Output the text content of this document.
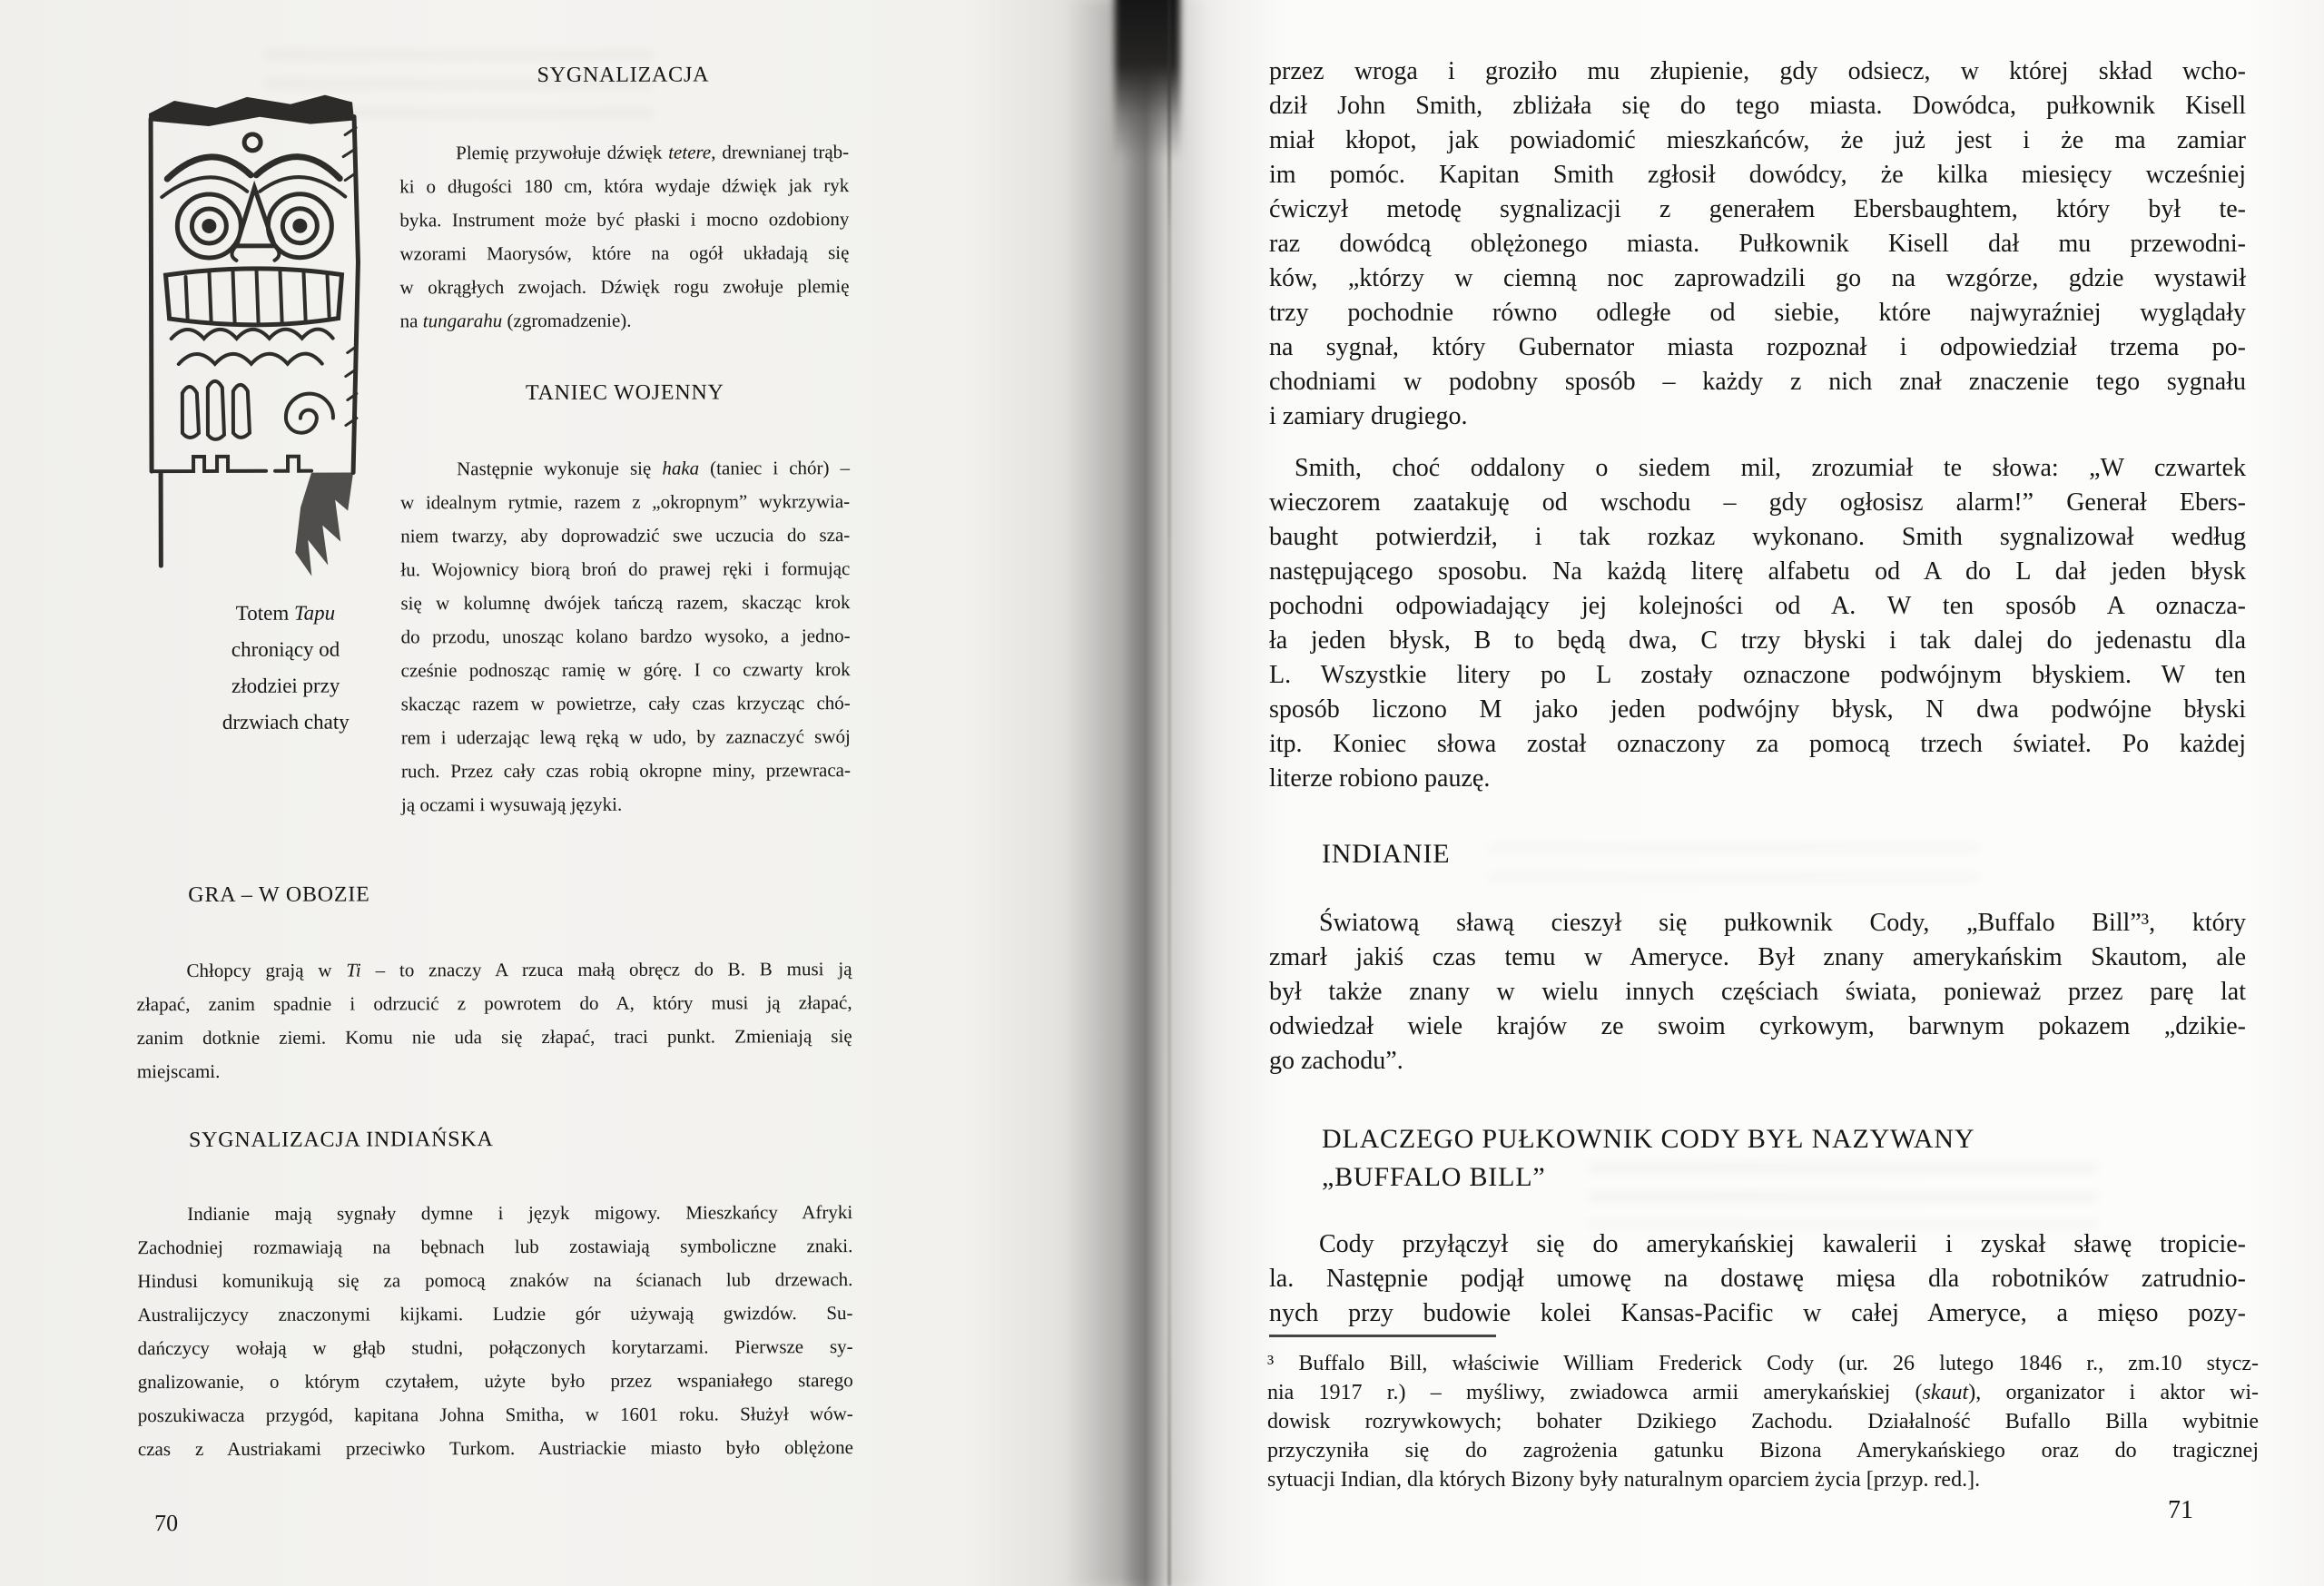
SYGNALIZACJA
Totem Tapu
chroniący od
złodziei przy
drzwiach chaty
Plemię przywołuje dźwięk tetere, drewnianej trąb-
ki o długości 180 cm, która wydaje dźwięk jak ryk
byka. Instrument może być płaski i mocno ozdobiony
wzorami Maorysów, które na ogół układają się
w okrągłych zwojach. Dźwięk rogu zwołuje plemię
na tungarahu (zgromadzenie).
TANIEC WOJENNY
Następnie wykonuje się haka (taniec i chór) –
w idealnym rytmie, razem z „okropnym” wykrzywia-
niem twarzy, aby doprowadzić swe uczucia do sza-
łu. Wojownicy biorą broń do prawej ręki i formując
się w kolumnę dwójek tańczą razem, skacząc krok
do przodu, unosząc kolano bardzo wysoko, a jedno-
cześnie podnosząc ramię w górę. I co czwarty krok
skacząc razem w powietrze, cały czas krzycząc chó-
rem i uderzając lewą ręką w udo, by zaznaczyć swój
ruch. Przez cały czas robią okropne miny, przewraca-
ją oczami i wysuwają języki.
GRA – W OBOZIE
Chłopcy grają w Ti – to znaczy A rzuca małą obręcz do B. B musi ją
złapać, zanim spadnie i odrzucić z powrotem do A, który musi ją złapać,
zanim dotknie ziemi. Komu nie uda się złapać, traci punkt. Zmieniają się
miejscami.
SYGNALIZACJA INDIAŃSKA
Indianie mają sygnały dymne i język migowy. Mieszkańcy Afryki
Zachodniej rozmawiają na bębnach lub zostawiają symboliczne znaki.
Hindusi komunikują się za pomocą znaków na ścianach lub drzewach.
Australijczycy znaczonymi kijkami. Ludzie gór używają gwizdów. Su-
dańczycy wołają w głąb studni, połączonych korytarzami. Pierwsze sy-
gnalizowanie, o którym czytałem, użyte było przez wspaniałego starego
poszukiwacza przygód, kapitana Johna Smitha, w 1601 roku. Służył wów-
czas z Austriakami przeciwko Turkom. Austriackie miasto było oblężone
70
przez wroga i groziło mu złupienie, gdy odsiecz, w której skład wcho-
dził John Smith, zbliżała się do tego miasta. Dowódca, pułkownik Kisell
miał kłopot, jak powiadomić mieszkańców, że już jest i że ma zamiar
im pomóc. Kapitan Smith zgłosił dowódcy, że kilka miesięcy wcześniej
ćwiczył metodę sygnalizacji z generałem Ebersbaughtem, który był te-
raz dowódcą oblężonego miasta. Pułkownik Kisell dał mu przewodni-
ków, „którzy w ciemną noc zaprowadzili go na wzgórze, gdzie wystawił
trzy pochodnie równo odległe od siebie, które najwyraźniej wyglądały
na sygnał, który Gubernator miasta rozpoznał i odpowiedział trzema po-
chodniami w podobny sposób – każdy z nich znał znaczenie tego sygnału
i zamiary drugiego.
Smith, choć oddalony o siedem mil, zrozumiał te słowa: „W czwartek
wieczorem zaatakuję od wschodu – gdy ogłosisz alarm!” Generał Ebers-
baught potwierdził, i tak rozkaz wykonano. Smith sygnalizował według
następującego sposobu. Na każdą literę alfabetu od A do L dał jeden błysk
pochodni odpowiadający jej kolejności od A. W ten sposób A oznacza-
ła jeden błysk, B to będą dwa, C trzy błyski i tak dalej do jedenastu dla
L. Wszystkie litery po L zostały oznaczone podwójnym błyskiem. W ten
sposób liczono M jako jeden podwójny błysk, N dwa podwójne błyski
itp. Koniec słowa został oznaczony za pomocą trzech świateł. Po każdej
literze robiono pauzę.
INDIANIE
Światową sławą cieszył się pułkownik Cody, „Buffalo Bill”³, który
zmarł jakiś czas temu w Ameryce. Był znany amerykańskim Skautom, ale
był także znany w wielu innych częściach świata, ponieważ przez parę lat
odwiedzał wiele krajów ze swoim cyrkowym, barwnym pokazem „dzikie-
go zachodu”.
DLACZEGO PUŁKOWNIK CODY BYŁ NAZYWANY
„BUFFALO BILL”
Cody przyłączył się do amerykańskiej kawalerii i zyskał sławę tropicie-
la. Następnie podjął umowę na dostawę mięsa dla robotników zatrudnio-
nych przy budowie kolei Kansas-Pacific w całej Ameryce, a mięso pozy-
³ Buffalo Bill, właściwie William Frederick Cody (ur. 26 lutego 1846 r., zm.10 stycz-
nia 1917 r.) – myśliwy, zwiadowca armii amerykańskiej (skaut), organizator i aktor wi-
dowisk rozrywkowych; bohater Dzikiego Zachodu. Działalność Bufallo Billa wybitnie
przyczyniła się do zagrożenia gatunku Bizona Amerykańskiego oraz do tragicznej
sytuacji Indian, dla których Bizony były naturalnym oparciem życia [przyp. red.].
71
